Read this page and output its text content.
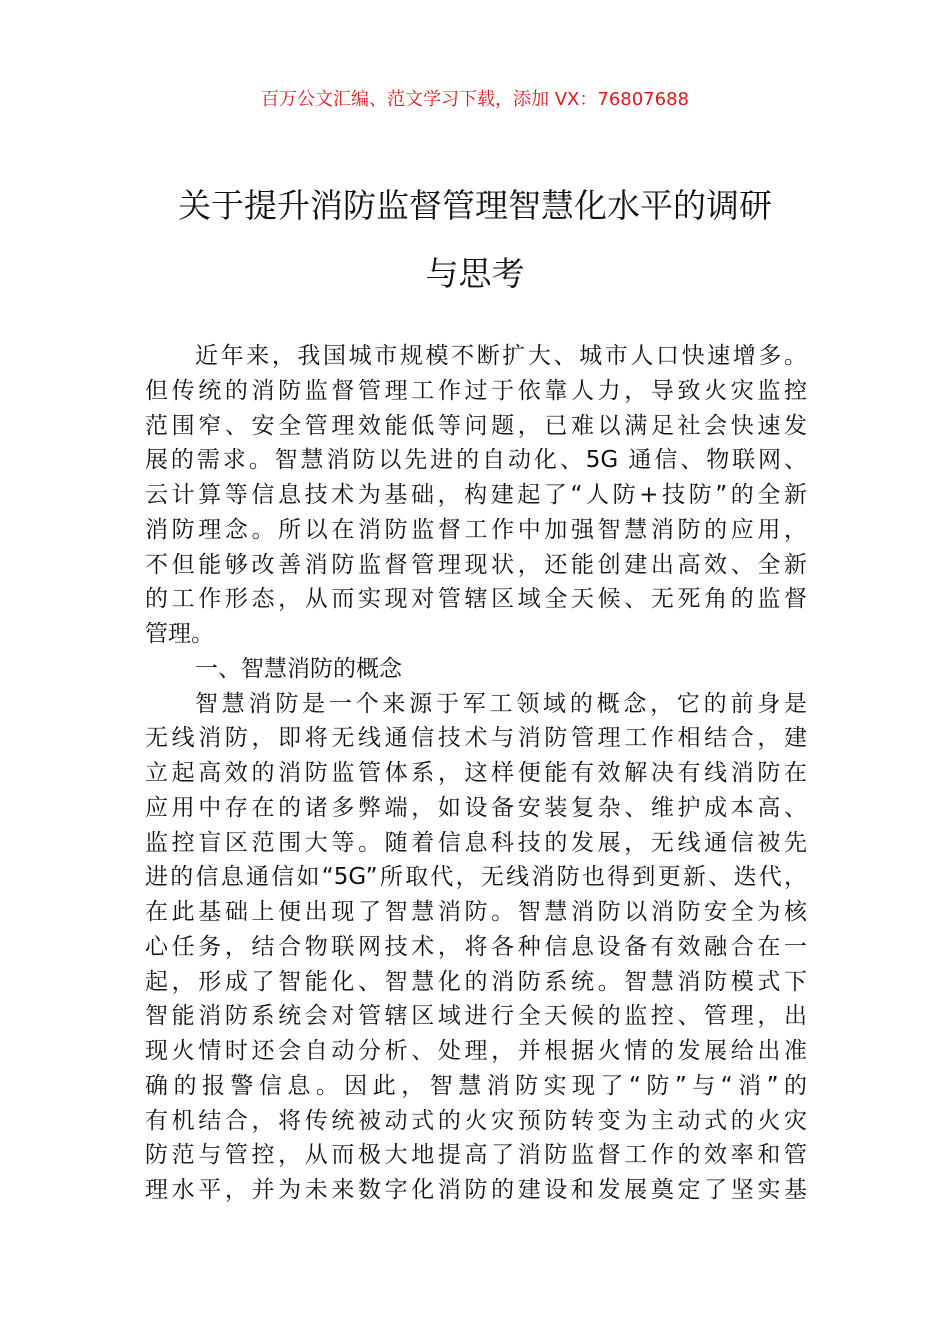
百万公文汇编、范文学习下载，添加 VX：76807688
关于提升消防监督管理智慧化水平的调研
与思考
近年来，我国城市规模不断扩大、城市人口快速增多。
但传统的消防监督管理工作过于依靠人力，导致火灾监控
范围窄、安全管理效能低等问题，已难以满足社会快速发
展的需求。智慧消防以先进的自动化、5G 通信、物联网、
云计算等信息技术为基础，构建起了“人防+技防”的全新
消防理念。所以在消防监督工作中加强智慧消防的应用，
不但能够改善消防监督管理现状，还能创建出高效、全新
的工作形态，从而实现对管辖区域全天候、无死角的监督
管理。
一、智慧消防的概念
智慧消防是一个来源于军工领域的概念，它的前身是
无线消防，即将无线通信技术与消防管理工作相结合，建
立起高效的消防监管体系，这样便能有效解决有线消防在
应用中存在的诸多弊端，如设备安装复杂、维护成本高、
监控盲区范围大等。随着信息科技的发展，无线通信被先
进的信息通信如“5G”所取代，无线消防也得到更新、迭代，
在此基础上便出现了智慧消防。智慧消防以消防安全为核
心任务，结合物联网技术，将各种信息设备有效融合在一
起，形成了智能化、智慧化的消防系统。智慧消防模式下
智能消防系统会对管辖区域进行全天候的监控、管理，出
现火情时还会自动分析、处理，并根据火情的发展给出准
确的报警信息。因此，智慧消防实现了“防”与“消”的
有机结合，将传统被动式的火灾预防转变为主动式的火灾
防范与管控，从而极大地提高了消防监督工作的效率和管
理水平，并为未来数字化消防的建设和发展奠定了坚实基
